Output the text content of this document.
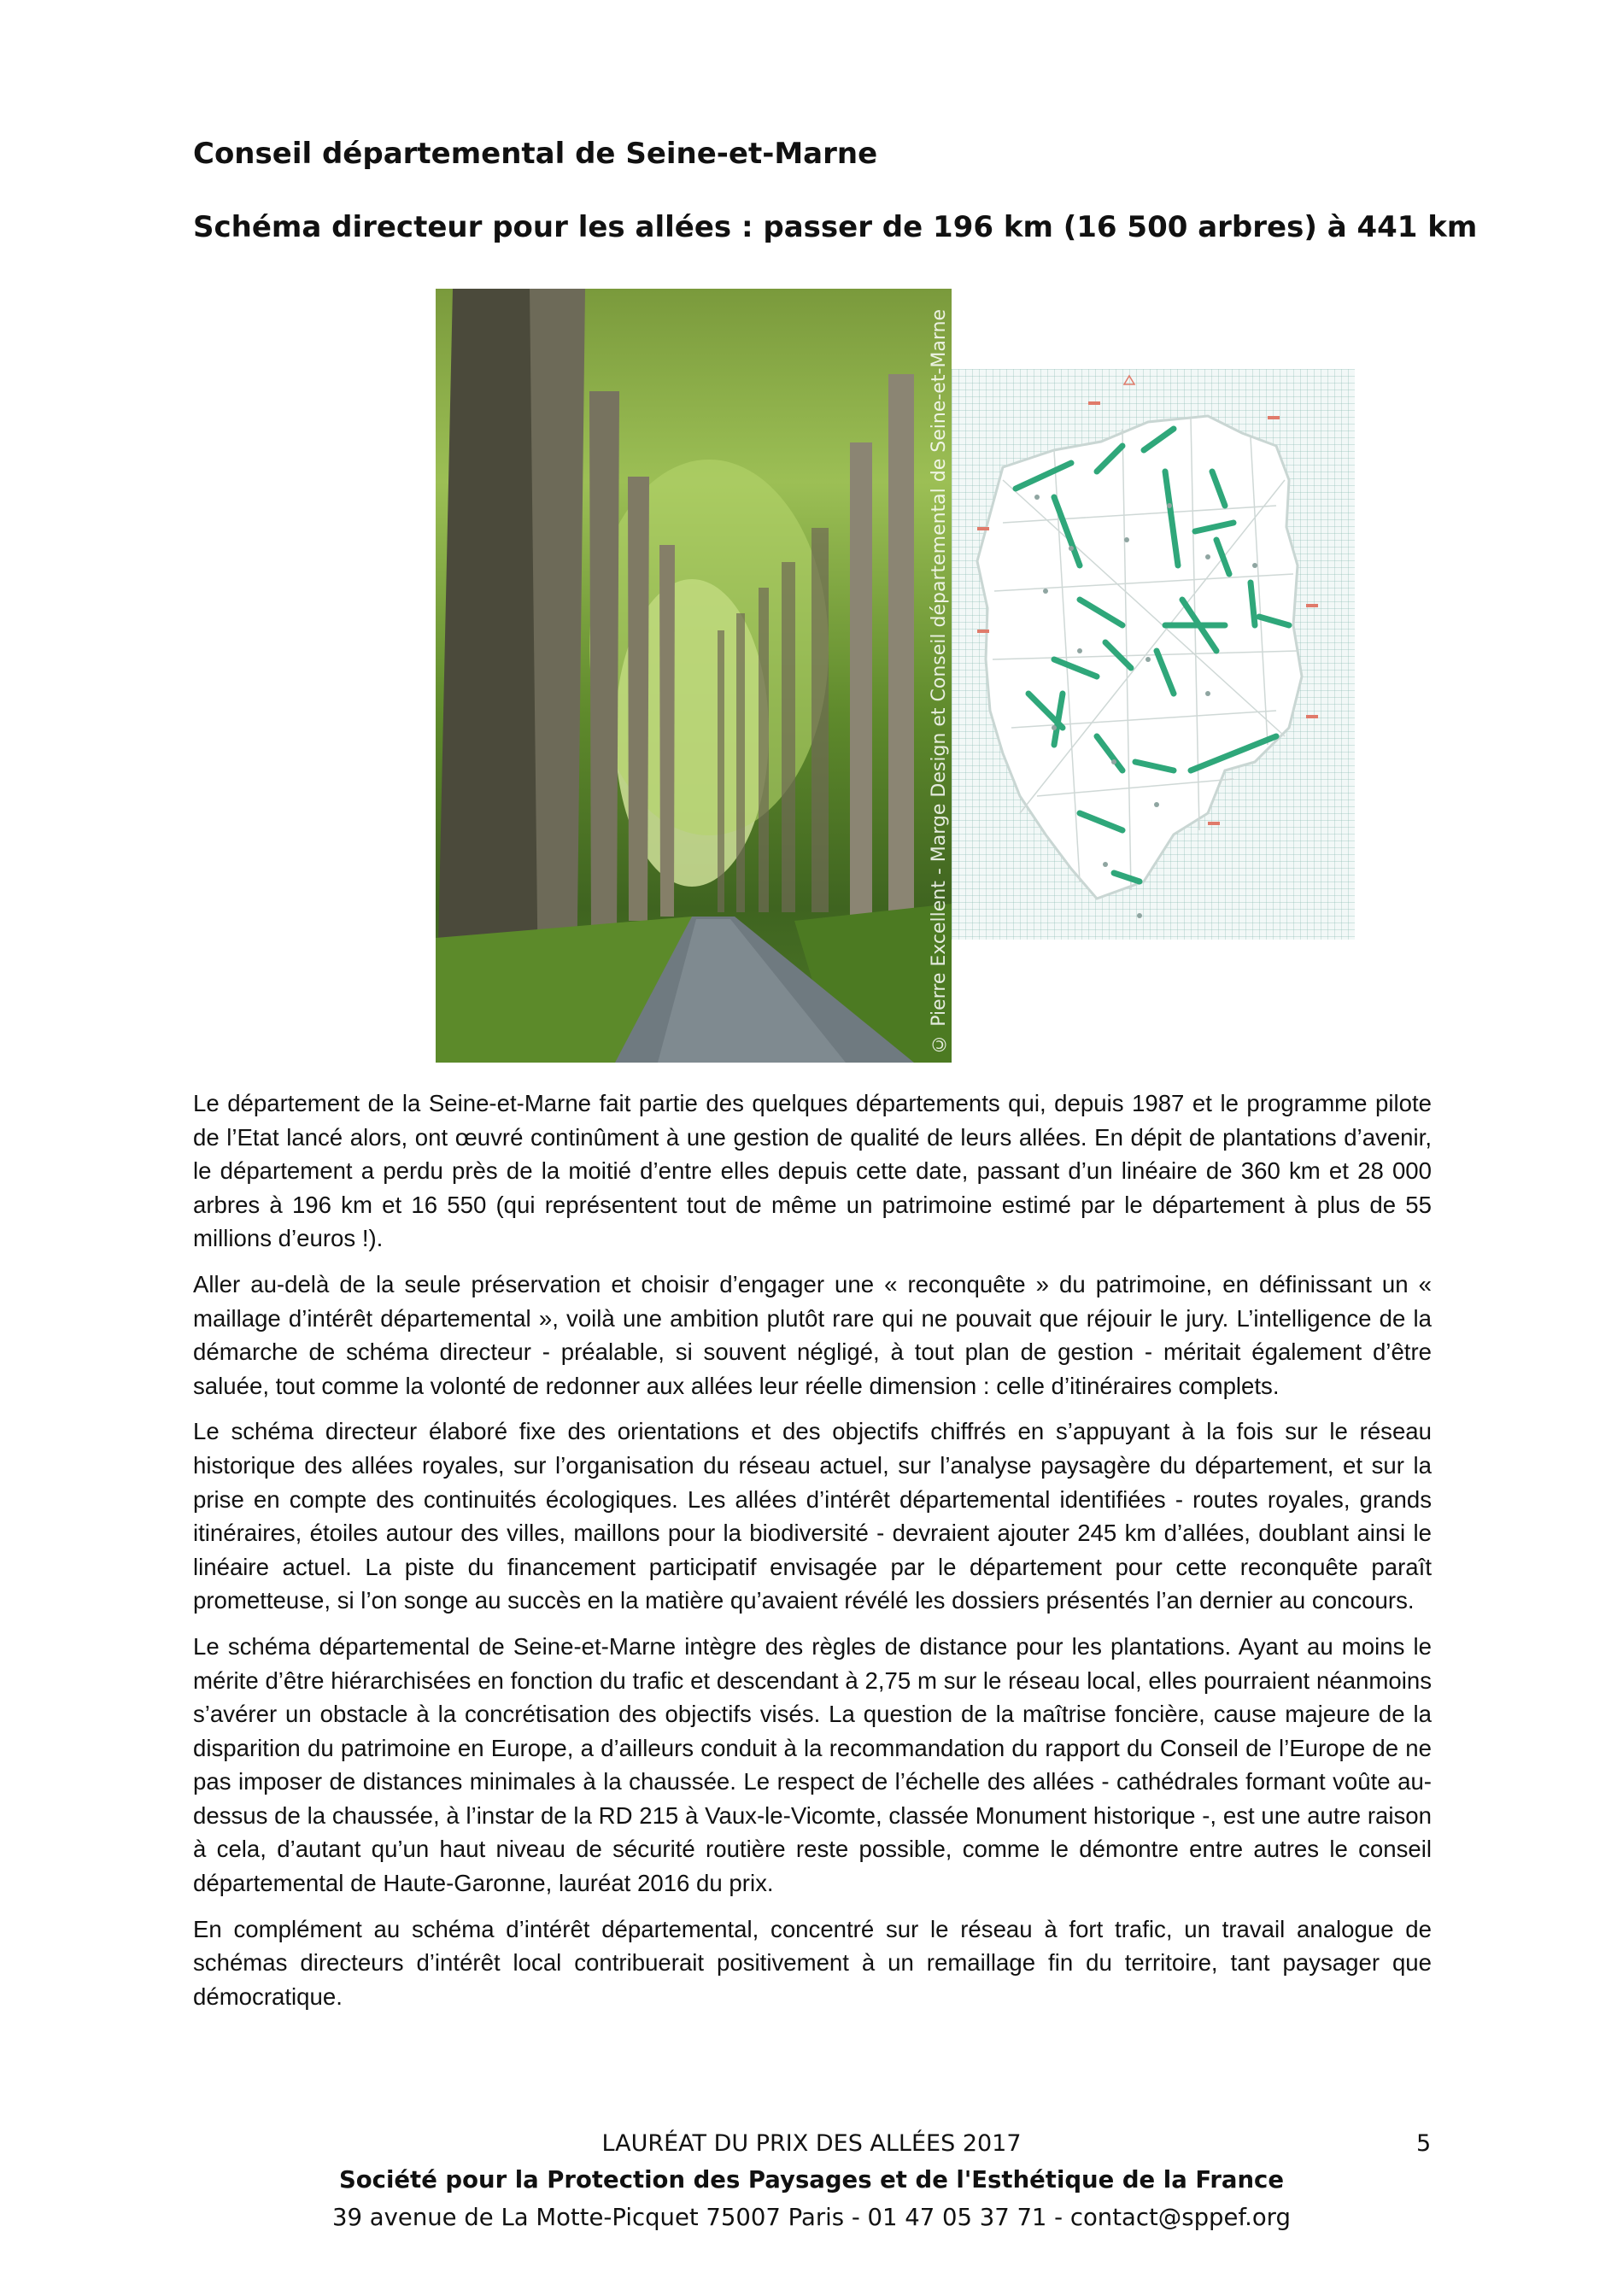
Conseil départemental de Seine-et-Marne
Schéma directeur pour les allées : passer de 196 km (16 500 arbres) à 441 km
© Pierre Excellent - Marge Design et Conseil départemental de Seine-et-Marne

Le département de la Seine-et-Marne fait partie des quelques départements qui, depuis 1987 et le programme pilote de l’Etat lancé alors, ont œuvré continûment à une gestion de qualité de leurs allées. En dépit de plantations d’avenir, le département a perdu près de la moitié d’entre elles depuis cette date, passant d’un linéaire de 360 km et 28 000 arbres à 196 km et 16 550 (qui représentent tout de même un patrimoine estimé par le département à plus de 55 millions d’euros !).

Aller au-delà de la seule préservation et choisir d’engager une « reconquête » du patrimoine, en définissant un « maillage d’intérêt départemental », voilà une ambition plutôt rare qui ne pouvait que réjouir le jury. L’intelligence de la démarche de schéma directeur - préalable, si souvent négligé, à tout plan de gestion - méritait également d’être saluée, tout comme la volonté de redonner aux allées leur réelle dimension : celle d’itinéraires complets.

Le schéma directeur élaboré fixe des orientations et des objectifs chiffrés en s’appuyant à la fois sur le réseau historique des allées royales, sur l’organisation du réseau actuel, sur l’analyse paysagère du département, et sur la prise en compte des continuités écologiques. Les allées d’intérêt départemental identifiées - routes royales, grands itinéraires, étoiles autour des villes, maillons pour la biodiversité - devraient ajouter 245 km d’allées, doublant ainsi le linéaire actuel. La piste du financement participatif envisagée par le département pour cette reconquête paraît prometteuse, si l’on songe au succès en la matière qu’avaient révélé les dossiers présentés l’an dernier au concours.

Le schéma départemental de Seine-et-Marne intègre des règles de distance pour les plantations. Ayant au moins le mérite d’être hiérarchisées en fonction du trafic et descendant à 2,75 m sur le réseau local, elles pourraient néanmoins s’avérer un obstacle à la concrétisation des objectifs visés. La question de la maîtrise foncière, cause majeure de la disparition du patrimoine en Europe, a d’ailleurs conduit à la recommandation du rapport du Conseil de l’Europe de ne pas imposer de distances minimales à la chaussée. Le respect de l’échelle des allées - cathédrales formant voûte au-dessus de la chaussée, à l’instar de la RD 215 à Vaux-le-Vicomte, classée Monument historique -, est une autre raison à cela, d’autant qu’un haut niveau de sécurité routière reste possible, comme le démontre entre autres le conseil départemental de Haute-Garonne, lauréat 2016 du prix.

En complément au schéma d’intérêt départemental, concentré sur le réseau à fort trafic, un travail analogue de schémas directeurs d’intérêt local contribuerait positivement à un remaillage fin du territoire, tant paysager que démocratique.

LAURÉAT DU PRIX DES ALLÉES 2017	5
Société pour la Protection des Paysages et de l'Esthétique de la France
39 avenue de La Motte-Picquet 75007 Paris - 01 47 05 37 71 - contact@sppef.org
